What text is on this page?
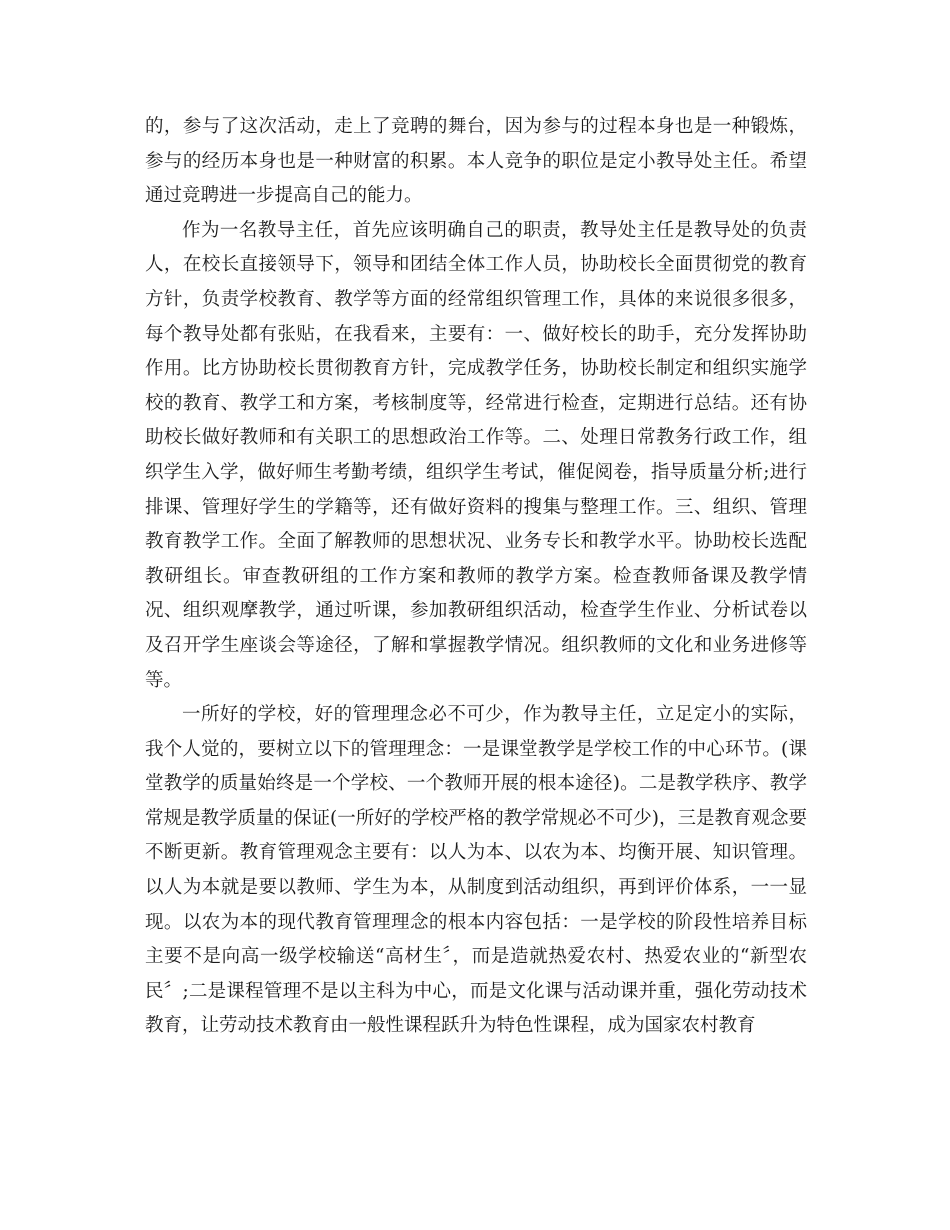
的，参与了这次活动，走上了竞聘的舞台，因为参与的过程本身也是一种锻炼，参与的经历本身也是一种财富的积累。本人竞争的职位是定小教导处主任。希望通过竞聘进一步提高自己的能力。

作为一名教导主任，首先应该明确自己的职责，教导处主任是教导处的负责人，在校长直接领导下，领导和团结全体工作人员，协助校长全面贯彻党的教育方针，负责学校教育、教学等方面的经常组织管理工作，具体的来说很多很多，每个教导处都有张贴，在我看来，主要有：一、做好校长的助手，充分发挥协助作用。比方协助校长贯彻教育方针，完成教学任务，协助校长制定和组织实施学校的教育、教学工和方案，考核制度等，经常进行检查，定期进行总结。还有协助校长做好教师和有关职工的思想政治工作等。二、处理日常教务行政工作，组织学生入学，做好师生考勤考绩，组织学生考试，催促阅卷，指导质量分析;进行排课、管理好学生的学籍等，还有做好资料的搜集与整理工作。三、组织、管理教育教学工作。全面了解教师的思想状况、业务专长和教学水平。协助校长选配教研组长。审查教研组的工作方案和教师的教学方案。检查教师备课及教学情况、组织观摩教学，通过听课，参加教研组织活动，检查学生作业、分析试卷以及召开学生座谈会等途径，了解和掌握教学情况。组织教师的文化和业务进修等等。

一所好的学校，好的管理理念必不可少，作为教导主任，立足定小的实际，我个人觉的，要树立以下的管理理念：一是课堂教学是学校工作的中心环节。(课堂教学的质量始终是一个学校、一个教师开展的根本途径)。二是教学秩序、教学常规是教学质量的保证(一所好的学校严格的教学常规必不可少)，三是教育观念要不断更新。教育管理观念主要有：以人为本、以农为本、均衡开展、知识管理。以人为本就是要以教师、学生为本，从制度到活动组织，再到评价体系，一一显现。以农为本的现代教育管理理念的根本内容包括：一是学校的阶段性培养目标主要不是向高一级学校输送“高材生〞，而是造就热爱农村、热爱农业的“新型农民〞;二是课程管理不是以主科为中心，而是文化课与活动课并重，强化劳动技术教育，让劳动技术教育由一般性课程跃升为特色性课程，成为国家农村教育
